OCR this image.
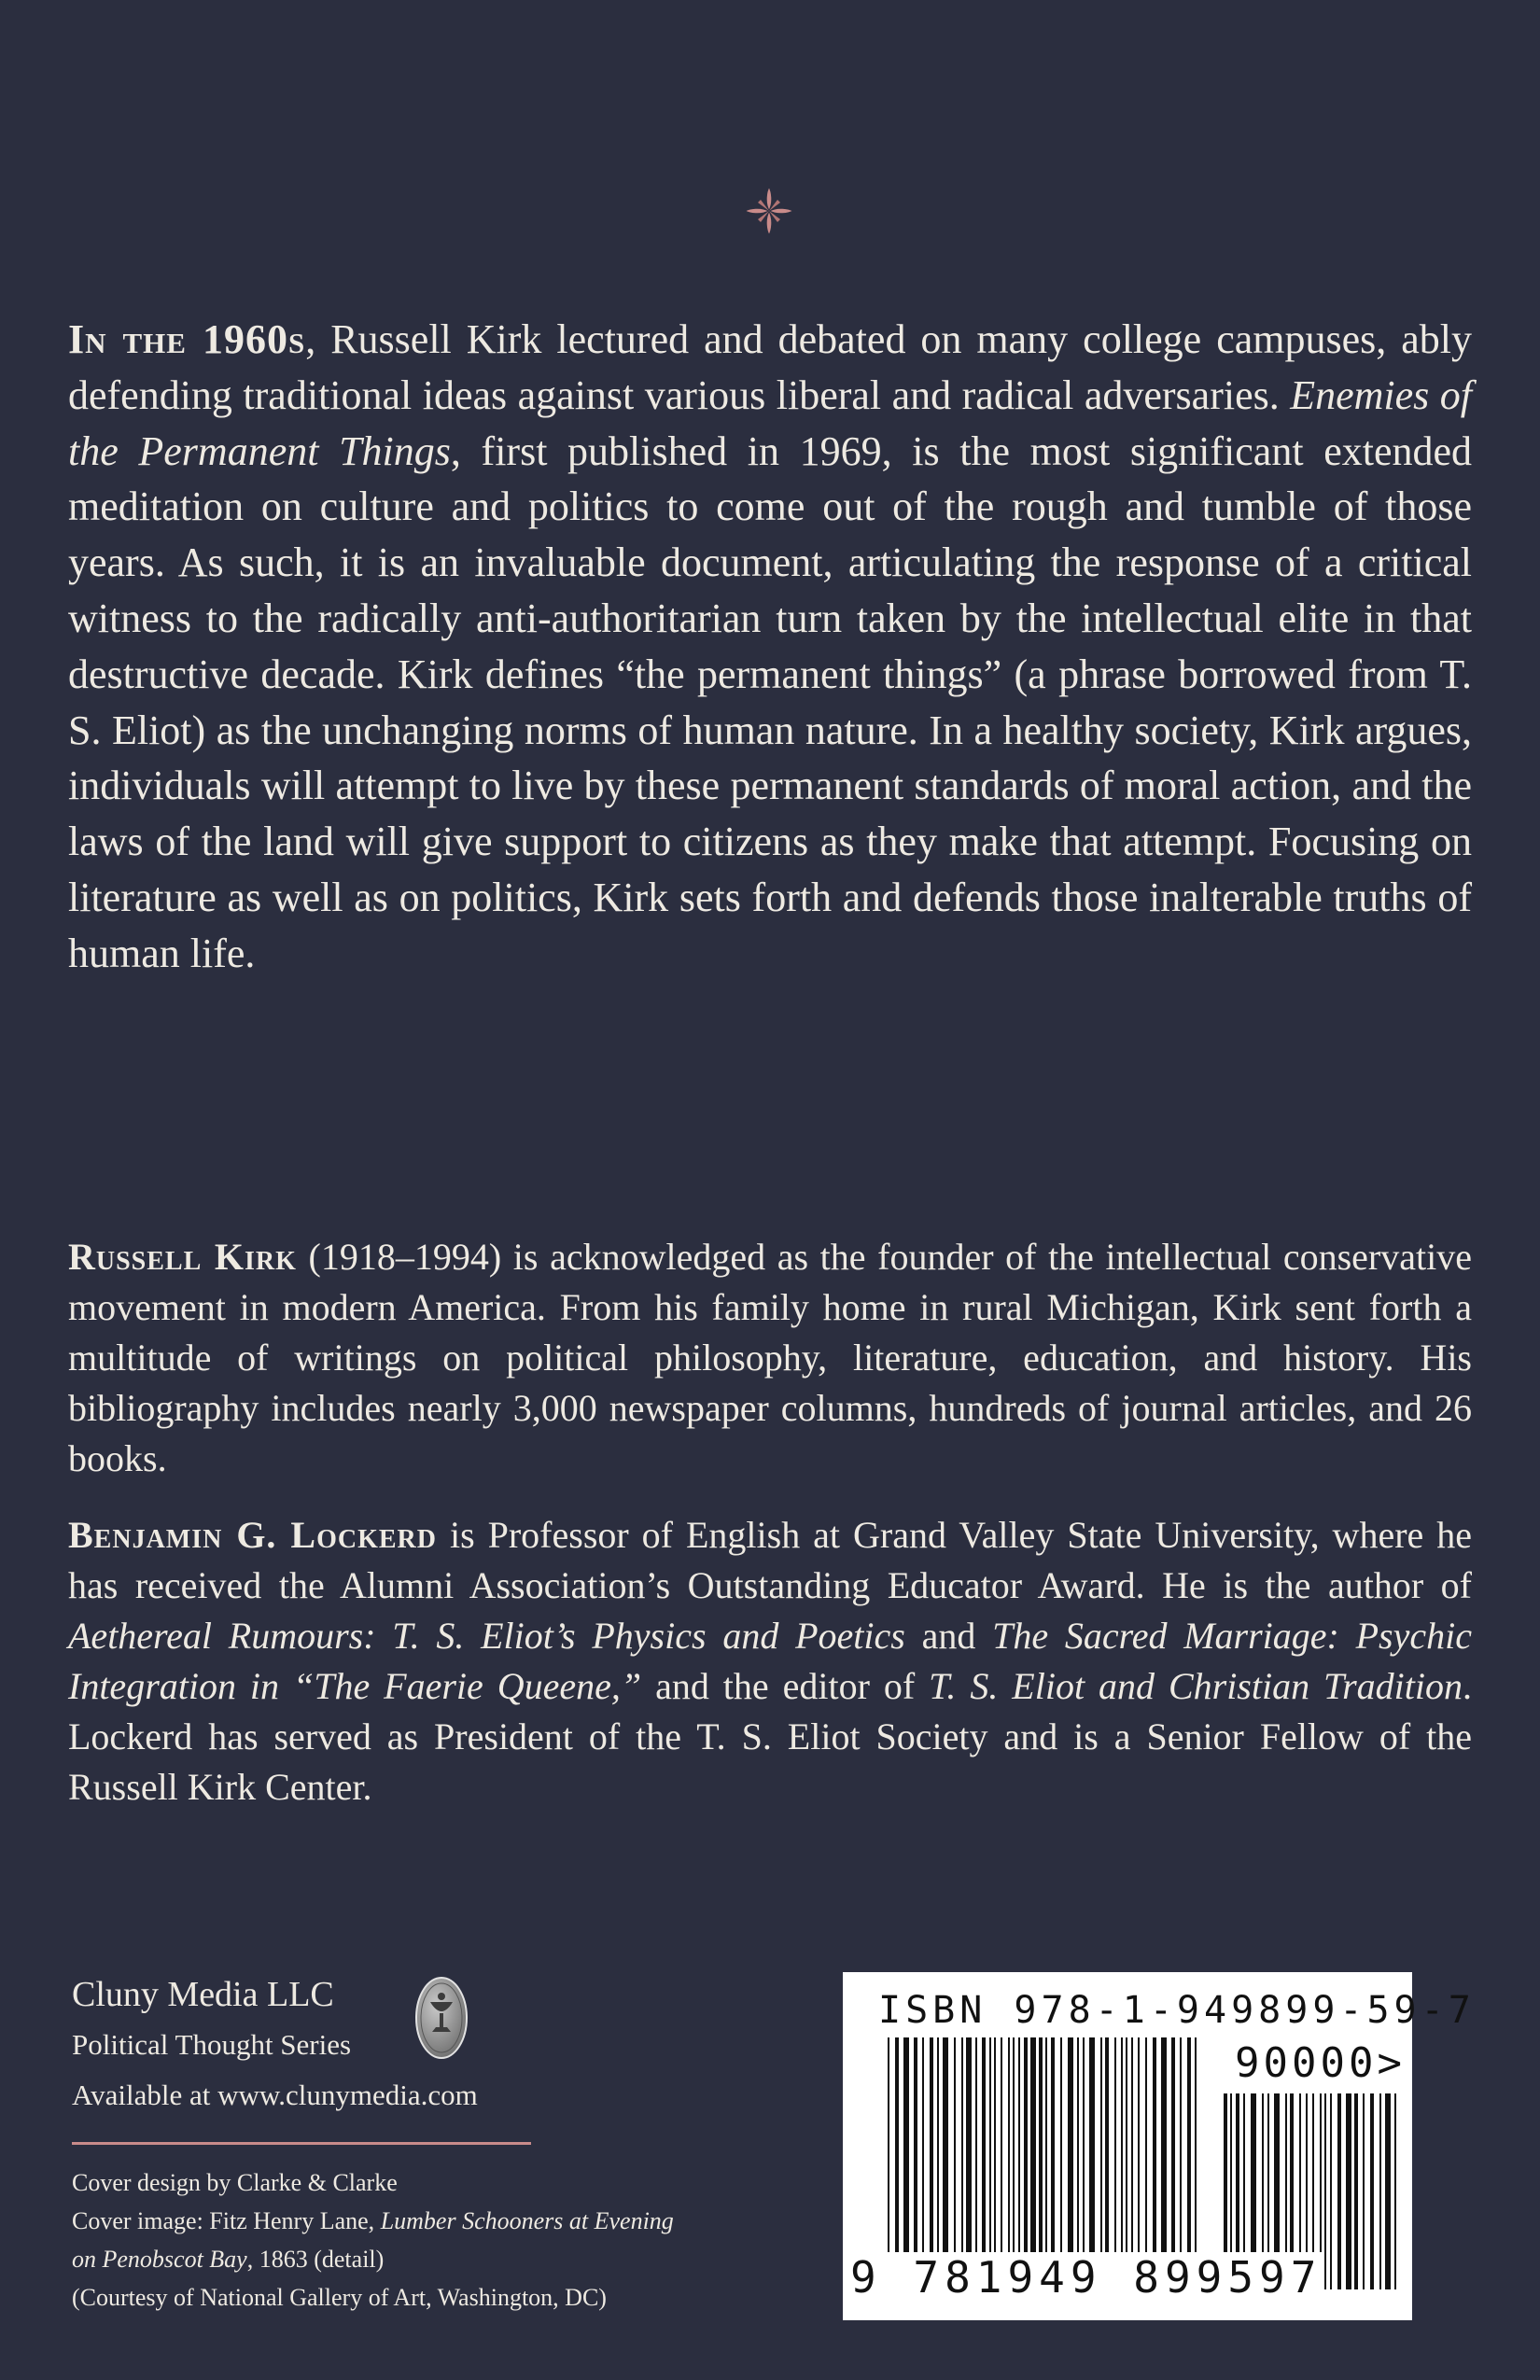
In the 1960s, Russell Kirk lectured and debated on many college campuses, ably defending traditional ideas against various liberal and radical adversaries. Enemies of the Permanent Things, first published in 1969, is the most significant extended meditation on culture and politics to come out of the rough and tumble of those years. As such, it is an invaluable document, articulating the response of a critical witness to the radically anti-authoritarian turn taken by the intellectual elite in that destructive decade. Kirk defines “the permanent things” (a phrase borrowed from T. S. Eliot) as the unchanging norms of human nature. In a healthy society, Kirk argues, individuals will attempt to live by these permanent standards of moral action, and the laws of the land will give support to citizens as they make that attempt. Focusing on literature as well as on politics, Kirk sets forth and defends those inalterable truths of human life.

Russell Kirk (1918–1994) is acknowledged as the founder of the intellectual conservative movement in modern America. From his family home in rural Michigan, Kirk sent forth a multitude of writings on political philosophy, literature, education, and history. His bibliography includes nearly 3,000 newspaper columns, hundreds of journal articles, and 26 books.

Benjamin G. Lockerd is Professor of English at Grand Valley State University, where he has received the Alumni Association’s Outstanding Educator Award. He is the author of Aethereal Rumours: T. S. Eliot’s Physics and Poetics and The Sacred Marriage: Psychic Integration in “The Faerie Queene,” and the editor of T. S. Eliot and Christian Tradition. Lockerd has served as President of the T. S. Eliot Society and is a Senior Fellow of the Russell Kirk Center.

Cluny Media LLC
Political Thought Series
Available at www.clunymedia.com
Cover design by Clarke & Clarke
Cover image: Fitz Henry Lane, Lumber Schooners at Evening
on Penobscot Bay, 1863 (detail)
(Courtesy of National Gallery of Art, Washington, DC)
ISBN 978-1-949899-59-7
90000>
9 781949 899597
